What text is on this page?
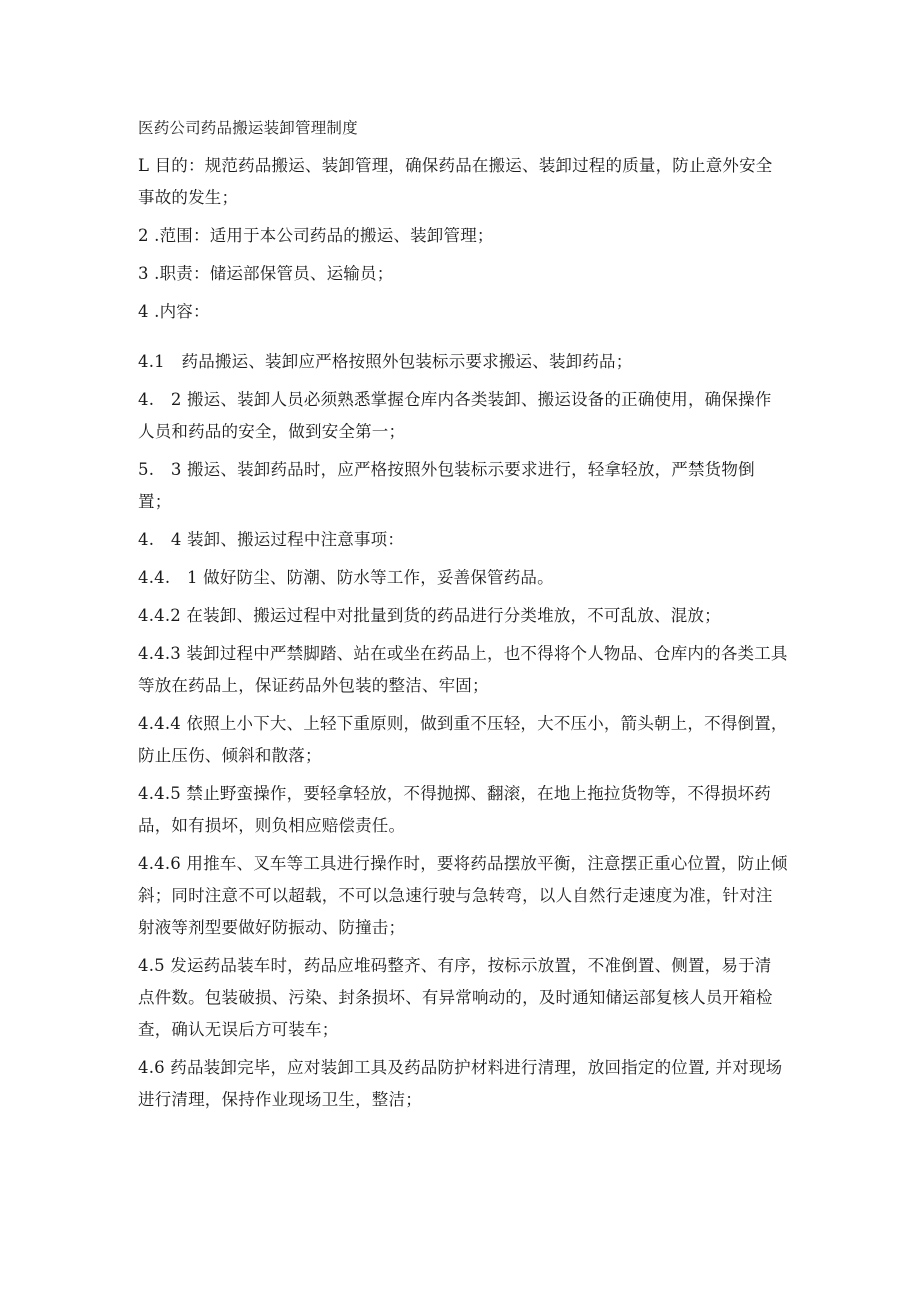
医药公司药品搬运装卸管理制度
L 目的：规范药品搬运、装卸管理，确保药品在搬运、装卸过程的质量，防止意外安全事故的发生；
2 .范围：适用于本公司药品的搬运、装卸管理；
3 .职责：储运部保管员、运输员；
4 .内容：
4.1　药品搬运、装卸应严格按照外包装标示要求搬运、装卸药品；
4.　2 搬运、装卸人员必须熟悉掌握仓库内各类装卸、搬运设备的正确使用，确保操作人员和药品的安全，做到安全第一；
5.　3 搬运、装卸药品时，应严格按照外包装标示要求进行，轻拿轻放，严禁货物倒置；
4.　4 装卸、搬运过程中注意事项：
4.4.　1 做好防尘、防潮、防水等工作，妥善保管药品。
4.4.2 在装卸、搬运过程中对批量到货的药品进行分类堆放，不可乱放、混放；
4.4.3 装卸过程中严禁脚踏、站在或坐在药品上，也不得将个人物品、仓库内的各类工具等放在药品上，保证药品外包装的整洁、牢固；
4.4.4 依照上小下大、上轻下重原则，做到重不压轻，大不压小，箭头朝上，不得倒置，防止压伤、倾斜和散落；
4.4.5 禁止野蛮操作，要轻拿轻放，不得抛掷、翻滚，在地上拖拉货物等，不得损坏药品，如有损坏，则负相应赔偿责任。
4.4.6 用推车、叉车等工具进行操作时，要将药品摆放平衡，注意摆正重心位置，防止倾斜；同时注意不可以超载，不可以急速行驶与急转弯，以人自然行走速度为准，针对注射液等剂型要做好防振动、防撞击；
4.5 发运药品装车时，药品应堆码整齐、有序，按标示放置，不准倒置、侧置，易于清点件数。包装破损、污染、封条损坏、有异常响动的，及时通知储运部复核人员开箱检查，确认无误后方可装车；
4.6 药品装卸完毕，应对装卸工具及药品防护材料进行清理，放回指定的位置, 并对现场进行清理，保持作业现场卫生，整洁；
